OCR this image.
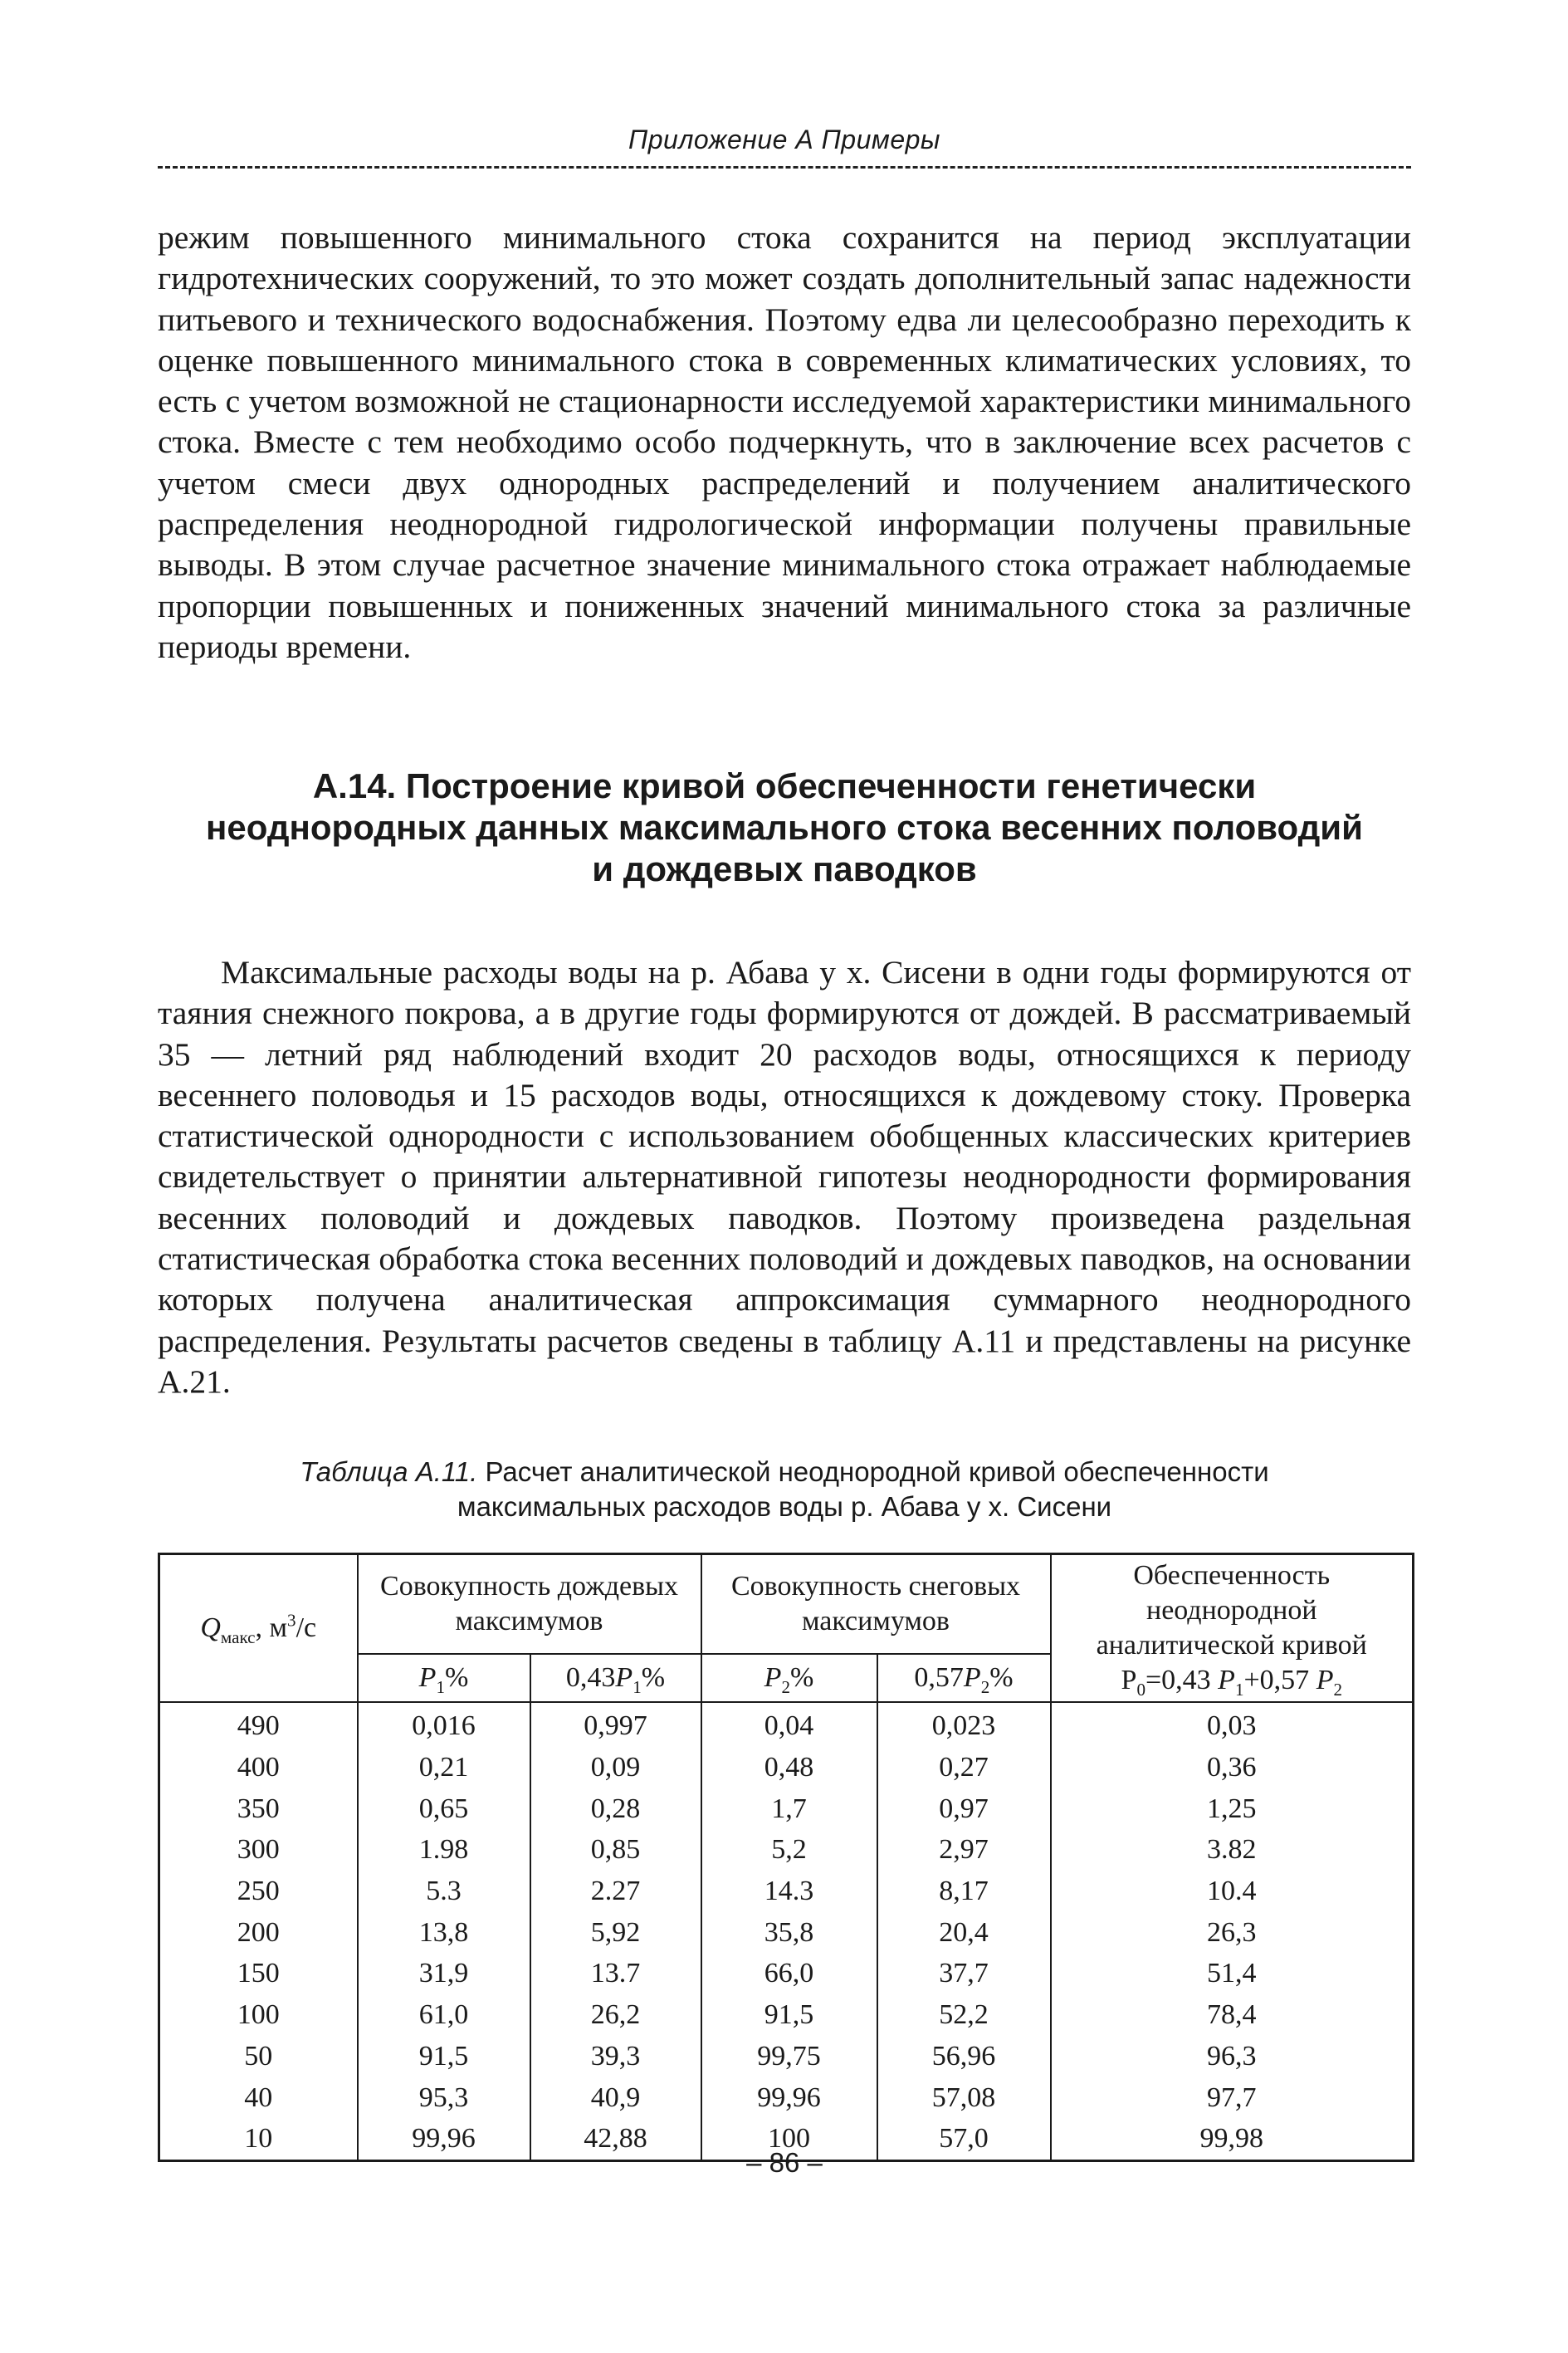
Приложение А Примеры

режим повышенного минимального стока сохранится на период эксплуатации гидротехнических сооружений, то это может создать дополнительный запас надежности питьевого и технического водоснабжения. Поэтому едва ли целесообразно переходить к оценке повышенного минимального стока в современных климатических условиях, то есть с учетом возможной не стационарности исследуемой характеристики минимального стока. Вместе с тем необходимо особо подчеркнуть, что в заключение всех расчетов с учетом смеси двух однородных распределений и получением аналитического распределения неоднородной гидрологической информации получены правильные выводы. В этом случае расчетное значение минимального стока отражает наблюдаемые пропорции повышенных и пониженных значений минимального стока за различные периоды времени.

А.14. Построение кривой обеспеченности генетически
неоднородных данных максимального стока весенних половодий
и дождевых паводков

Максимальные расходы воды на р. Абава у х. Сисени в одни годы формируются от таяния снежного покрова, а в другие годы формируются от дождей. В рассматриваемый 35 — летний ряд наблюдений входит 20 расходов воды, относящихся к периоду весеннего половодья и 15 расходов воды, относящихся к дождевому стоку. Проверка статистической однородности с использованием обобщенных классических критериев свидетельствует о принятии альтернативной гипотезы неоднородности формирования весенних половодий и дождевых паводков. Поэтому произведена раздельная статистическая обработка стока весенних половодий и дождевых паводков, на основании которых получена аналитическая аппроксимация суммарного неоднородного распределения. Результаты расчетов сведены в таблицу А.11 и представлены на рисунке А.21.

Таблица А.11. Расчет аналитической неоднородной кривой обеспеченности
максимальных расходов воды р. Абава у х. Сисени
$Q_{макс}$, $м^3/с$	Совокупность дождевых максимумов		Совокупность снеговых максимумов		Обеспеченность неоднородной аналитической кривой
$P_0=0,43$ $P_1+0,57$ $P_2$
	$P_1\%$	$0,43P_1\%$	$P_2\%$	$0,57P_2\%$	
490	0,016	0,997	0,04	0,023	0,03
400	0,21	0,09	0,48	0,27	0,36
350	0,65	0,28	1,7	0,97	1,25
300	1.98	0,85	5,2	2,97	3.82
250	5.3	2.27	14.3	8,17	10.4
200	13,8	5,92	35,8	20,4	26,3
150	31,9	13.7	66,0	37,7	51,4
100	61,0	26,2	91,5	52,2	78,4
50	91,5	39,3	99,75	56,96	96,3
40	95,3	40,9	99,96	57,08	97,7
10	99,96	42,88	100	57,0	99,98
– 86 –
